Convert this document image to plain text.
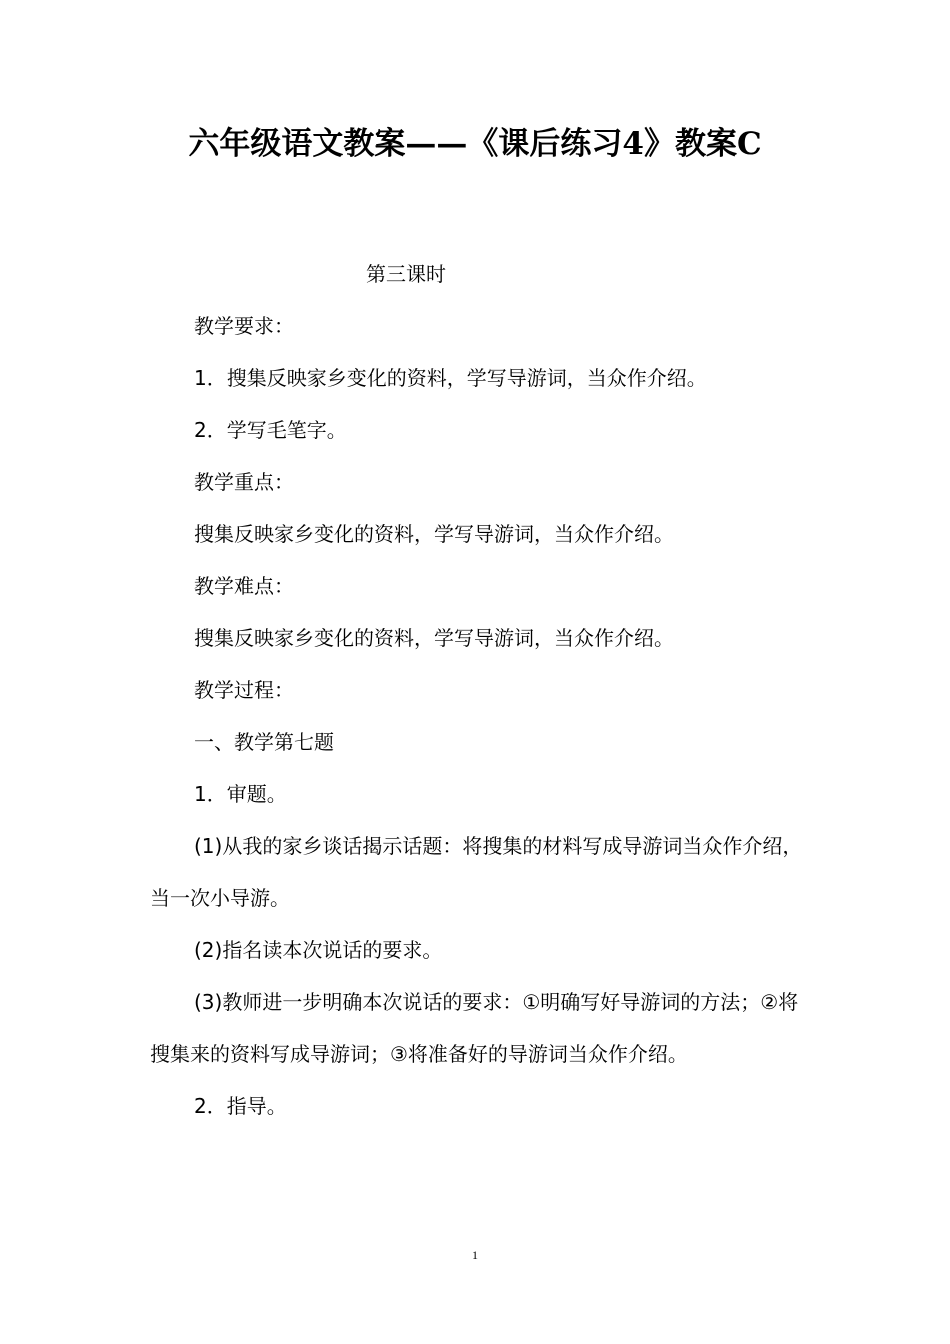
六年级语文教案——《课后练习4》教案C

第三课时

教学要求：

1．搜集反映家乡变化的资料，学写导游词，当众作介绍。

2．学写毛笔字。

教学重点：

搜集反映家乡变化的资料，学写导游词，当众作介绍。

教学难点：

搜集反映家乡变化的资料，学写导游词，当众作介绍。

教学过程：

一、教学第七题

1．审题。

(1)从我的家乡谈话揭示话题：将搜集的材料写成导游词当众作介绍，当一次小导游。

(2)指名读本次说话的要求。

(3)教师进一步明确本次说话的要求：①明确写好导游词的方法；②将搜集来的资料写成导游词；③将准备好的导游词当众作介绍。

2．指导。

1
